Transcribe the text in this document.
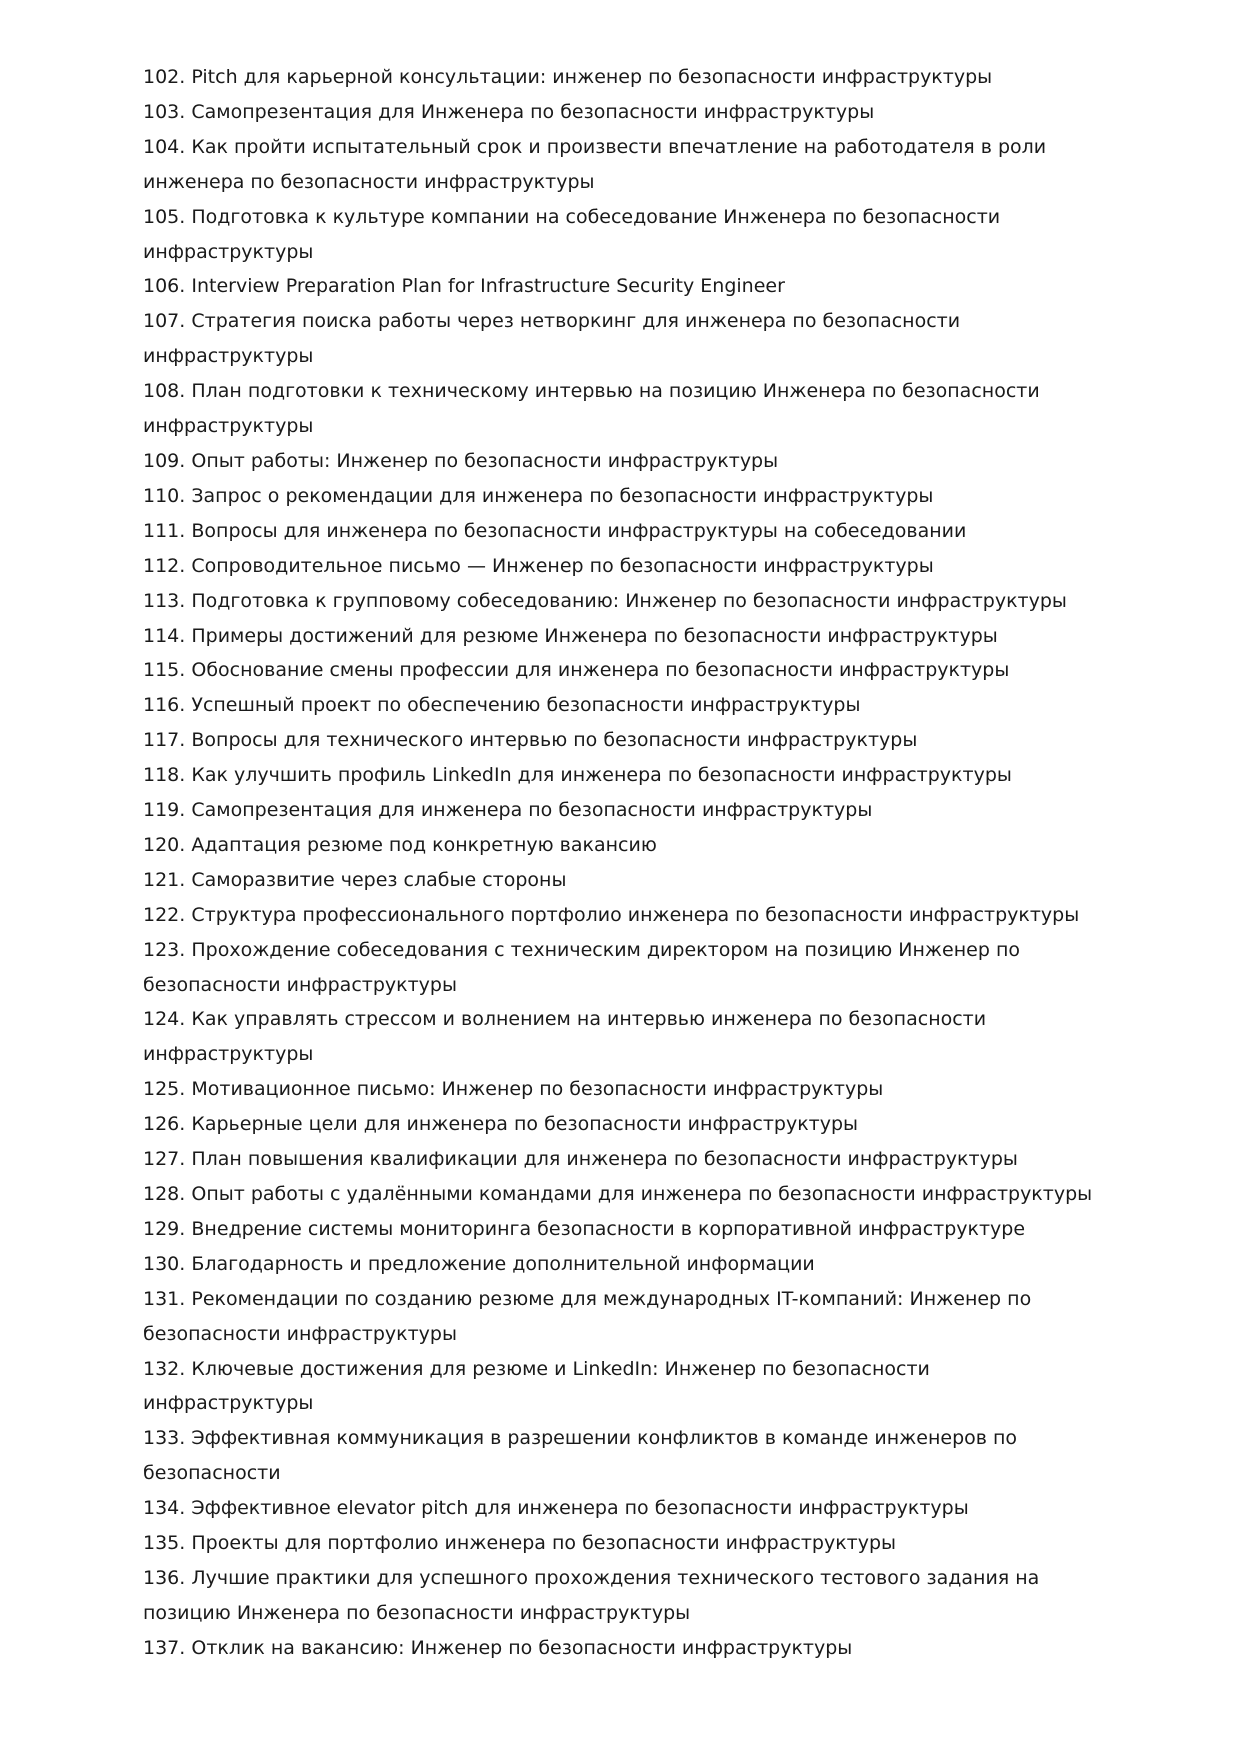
102. Pitch для карьерной консультации: инженер по безопасности инфраструктуры
103. Самопрезентация для Инженера по безопасности инфраструктуры
104. Как пройти испытательный срок и произвести впечатление на работодателя в роли инженера по безопасности инфраструктуры
105. Подготовка к культуре компании на собеседование Инженера по безопасности инфраструктуры
106. Interview Preparation Plan for Infrastructure Security Engineer
107. Стратегия поиска работы через нетворкинг для инженера по безопасности инфраструктуры
108. План подготовки к техническому интервью на позицию Инженера по безопасности инфраструктуры
109. Опыт работы: Инженер по безопасности инфраструктуры
110. Запрос о рекомендации для инженера по безопасности инфраструктуры
111. Вопросы для инженера по безопасности инфраструктуры на собеседовании
112. Сопроводительное письмо — Инженер по безопасности инфраструктуры
113. Подготовка к групповому собеседованию: Инженер по безопасности инфраструктуры
114. Примеры достижений для резюме Инженера по безопасности инфраструктуры
115. Обоснование смены профессии для инженера по безопасности инфраструктуры
116. Успешный проект по обеспечению безопасности инфраструктуры
117. Вопросы для технического интервью по безопасности инфраструктуры
118. Как улучшить профиль LinkedIn для инженера по безопасности инфраструктуры
119. Самопрезентация для инженера по безопасности инфраструктуры
120. Адаптация резюме под конкретную вакансию
121. Саморазвитие через слабые стороны
122. Структура профессионального портфолио инженера по безопасности инфраструктуры
123. Прохождение собеседования с техническим директором на позицию Инженер по безопасности инфраструктуры
124. Как управлять стрессом и волнением на интервью инженера по безопасности инфраструктуры
125. Мотивационное письмо: Инженер по безопасности инфраструктуры
126. Карьерные цели для инженера по безопасности инфраструктуры
127. План повышения квалификации для инженера по безопасности инфраструктуры
128. Опыт работы с удалёнными командами для инженера по безопасности инфраструктуры
129. Внедрение системы мониторинга безопасности в корпоративной инфраструктуре
130. Благодарность и предложение дополнительной информации
131. Рекомендации по созданию резюме для международных IT-компаний: Инженер по безопасности инфраструктуры
132. Ключевые достижения для резюме и LinkedIn: Инженер по безопасности инфраструктуры
133. Эффективная коммуникация в разрешении конфликтов в команде инженеров по безопасности
134. Эффективное elevator pitch для инженера по безопасности инфраструктуры
135. Проекты для портфолио инженера по безопасности инфраструктуры
136. Лучшие практики для успешного прохождения технического тестового задания на позицию Инженера по безопасности инфраструктуры
137. Отклик на вакансию: Инженер по безопасности инфраструктуры
